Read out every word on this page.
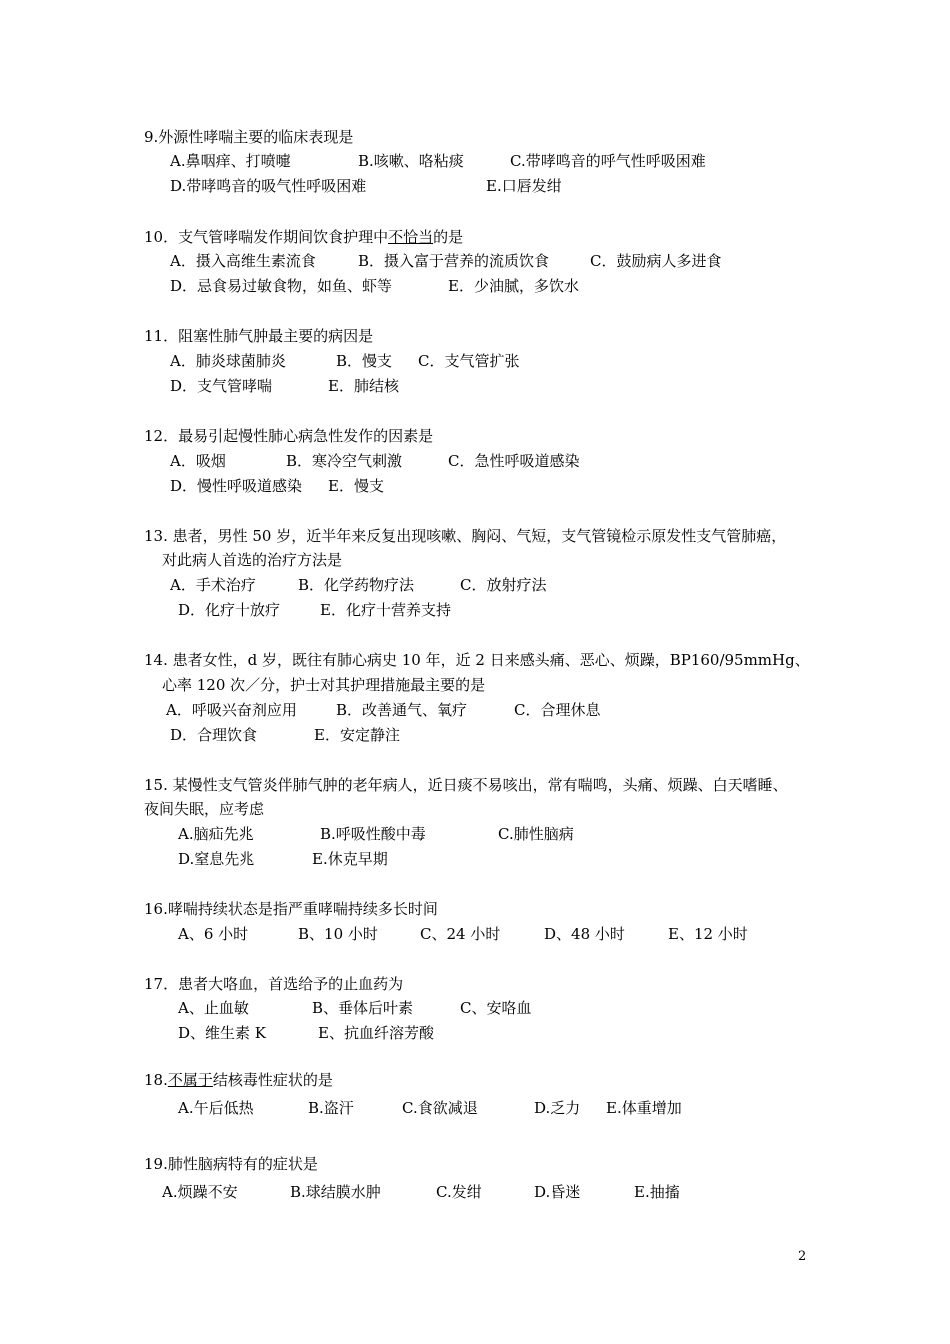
9.外源性哮喘主要的临床表现是
A.鼻咽痒、打喷嚏	B.咳嗽、咯粘痰	C.带哮鸣音的呼气性呼吸困难
D.带哮鸣音的吸气性呼吸困难	E.口唇发绀
10．支气管哮喘发作期间饮食护理中不恰当的是
A．摄入高维生素流食	B．摄入富于营养的流质饮食	C．鼓励病人多进食
D．忌食易过敏食物，如鱼、虾等	E．少油腻，多饮水
11．阻塞性肺气肿最主要的病因是
A．肺炎球菌肺炎	B．慢支 C．支气管扩张
D．支气管哮喘	E．肺结核
12．最易引起慢性肺心病急性发作的因素是
A．吸烟	B．寒冷空气刺激	C．急性呼吸道感染
D．慢性呼吸道感染 E．慢支
13. 患者，男性 50 岁，近半年来反复出现咳嗽、胸闷、气短，支气管镜检示原发性支气管肺癌，
对此病人首选的治疗方法是
A．手术治疗	B．化学药物疗法	C．放射疗法
D．化疗十放疗	E．化疗十营养支持
14. 患者女性，d 岁，既往有肺心病史 10 年，近 2 日来感头痛、恶心、烦躁，BP160/95mmHg、
心率 120 次／分，护士对其护理措施最主要的是
A．呼吸兴奋剂应用	B．改善通气、氧疗	C．合理休息
D．合理饮食	E．安定静注
15. 某慢性支气管炎伴肺气肿的老年病人，近日痰不易咳出，常有喘鸣，头痛、烦躁、白天嗜睡、
夜间失眠，应考虑
A.脑疝先兆	B.呼吸性酸中毒	C.肺性脑病
D.窒息先兆	E.休克早期
16.哮喘持续状态是指严重哮喘持续多长时间
A、6 小时	B、10 小时	C、24 小时	D、48 小时	E、12 小时
17．患者大咯血，首选给予的止血药为
A、止血敏	B、垂体后叶素	C、安咯血
D、维生素 K	E、抗血纤溶芳酸
18.不属于结核毒性症状的是
A.午后低热	B.盗汗	C.食欲减退	D.乏力 E.体重增加
19.肺性脑病特有的症状是
A.烦躁不安	B.球结膜水肿	C.发绀	D.昏迷	E.抽搐
2
